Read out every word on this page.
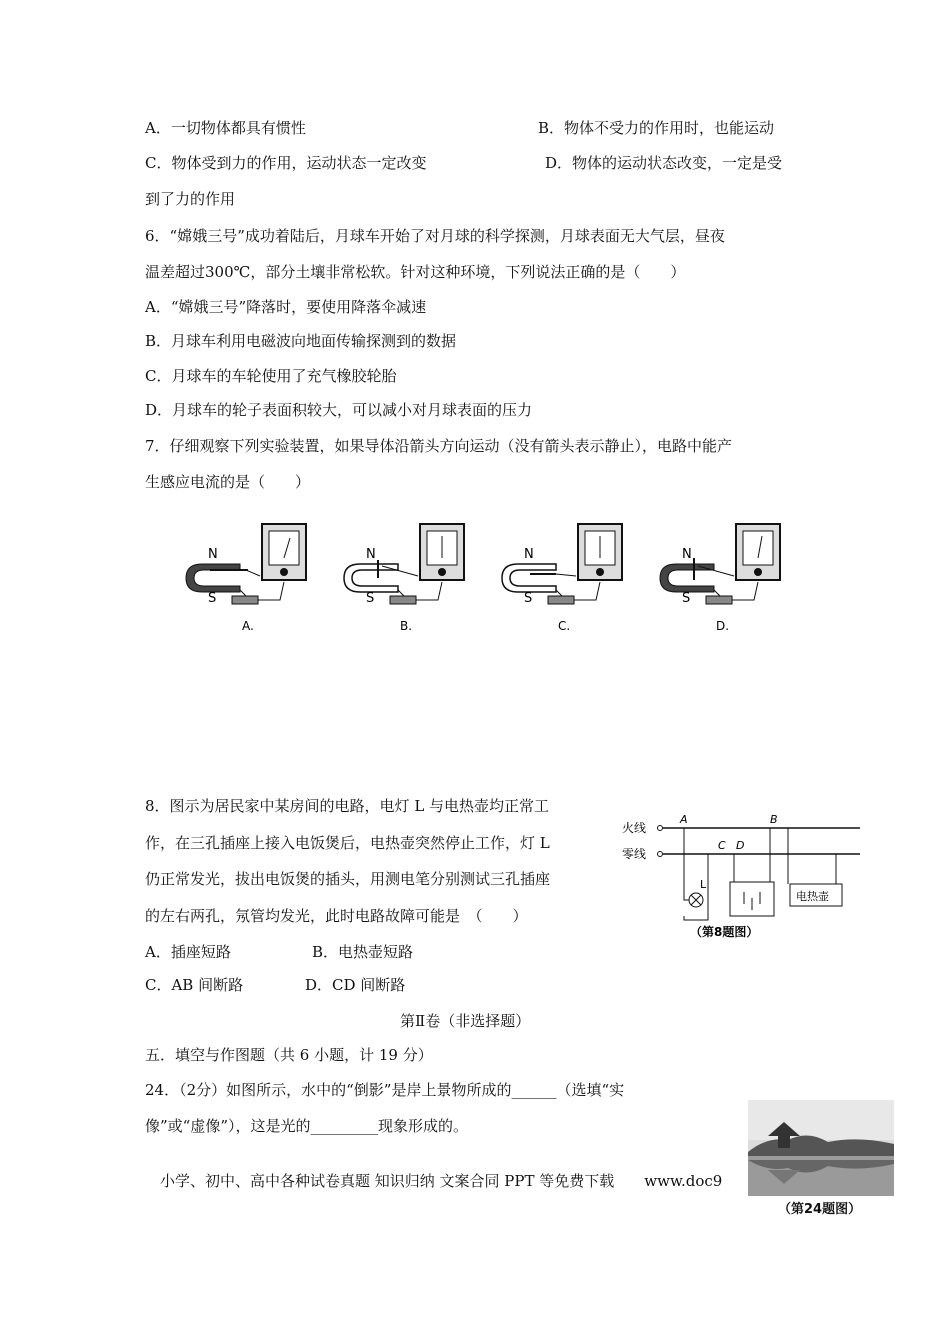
A．一切物体都具有惯性	B．物体不受力的作用时，也能运动
C．物体受到力的作用，运动状态一定改变	D．物体的运动状态改变，一定是受
到了力的作用
6．“嫦娥三号”成功着陆后，月球车开始了对月球的科学探测，月球表面无大气层，昼夜
温差超过300℃，部分土壤非常松软。针对这种环境，下列说法正确的是（　　）
A．“嫦娥三号”降落时，要使用降落伞减速
B．月球车利用电磁波向地面传输探测到的数据
C．月球车的车轮使用了充气橡胶轮胎
D．月球车的轮子表面积较大，可以减小对月球表面的压力
7．仔细观察下列实验装置，如果导体沿箭头方向运动（没有箭头表示静止），电路中能产
生感应电流的是（　　）
N
S
A.
N
S
B.
N
S
C.
N
S
D.
8．图示为居民家中某房间的电路，电灯 L 与电热壶均正常工
作，在三孔插座上接入电饭煲后，电热壶突然停止工作，灯 L
仍正常发光，拔出电饭煲的插头，用测电笔分别测试三孔插座
的左右两孔，氖管均发光，此时电路故障可能是　（　　）
A．插座短路	B．电热壶短路
C．AB 间断路	D．CD 间断路
火线
零线
A	B
C D
L
电热壶
（第8题图）
第Ⅱ卷（非选择题）
五．填空与作图题（共 6 小题，计 19 分）
24．（2分）如图所示，水中的“倒影”是岸上景物所成的______（选填“实
像”或“虚像”），这是光的_________现象形成的。
（第24题图）
小学、初中、高中各种试卷真题 知识归纳 文案合同 PPT 等免费下载　　www.doc9
